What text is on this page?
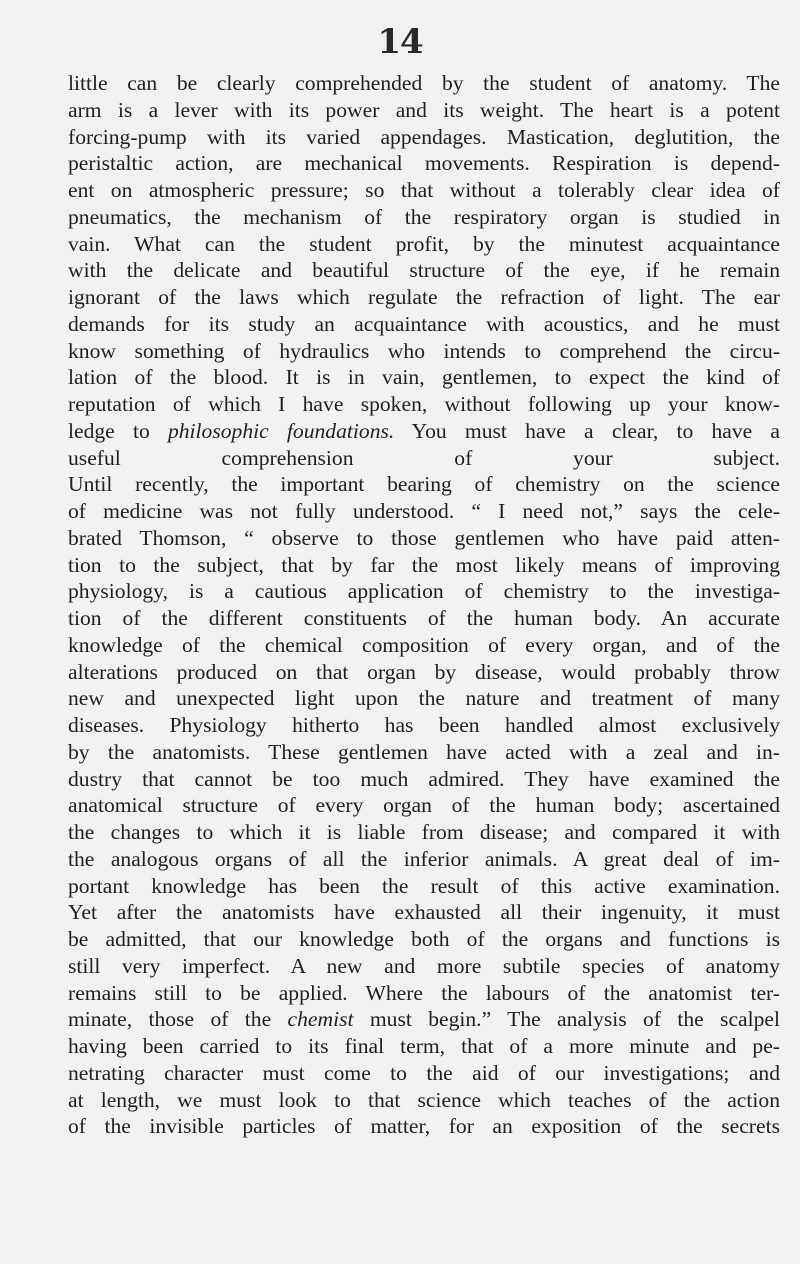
14
little can be clearly comprehended by the student of anatomy. The
arm is a lever with its power and its weight. The heart is a potent
forcing-pump with its varied appendages. Mastication, deglutition, the
peristaltic action, are mechanical movements. Respiration is depend-
ent on atmospheric pressure; so that without a tolerably clear idea of
pneumatics, the mechanism of the respiratory organ is studied in
vain. What can the student profit, by the minutest acquaintance
with the delicate and beautiful structure of the eye, if he remain
ignorant of the laws which regulate the refraction of light. The ear
demands for its study an acquaintance with acoustics, and he must
know something of hydraulics who intends to comprehend the circu-
lation of the blood. It is in vain, gentlemen, to expect the kind of
reputation of which I have spoken, without following up your know-
ledge to philosophic foundations. You must have a clear, to have a
useful comprehension of your subject.
Until recently, the important bearing of chemistry on the science
of medicine was not fully understood. “ I need not,” says the cele-
brated Thomson, “ observe to those gentlemen who have paid atten-
tion to the subject, that by far the most likely means of improving
physiology, is a cautious application of chemistry to the investiga-
tion of the different constituents of the human body. An accurate
knowledge of the chemical composition of every organ, and of the
alterations produced on that organ by disease, would probably throw
new and unexpected light upon the nature and treatment of many
diseases. Physiology hitherto has been handled almost exclusively
by the anatomists. These gentlemen have acted with a zeal and in-
dustry that cannot be too much admired. They have examined the
anatomical structure of every organ of the human body; ascertained
the changes to which it is liable from disease; and compared it with
the analogous organs of all the inferior animals. A great deal of im-
portant knowledge has been the result of this active examination.
Yet after the anatomists have exhausted all their ingenuity, it must
be admitted, that our knowledge both of the organs and functions is
still very imperfect. A new and more subtile species of anatomy
remains still to be applied. Where the labours of the anatomist ter-
minate, those of the chemist must begin.” The analysis of the scalpel
having been carried to its final term, that of a more minute and pe-
netrating character must come to the aid of our investigations; and
at length, we must look to that science which teaches of the action
of the invisible particles of matter, for an exposition of the secrets
